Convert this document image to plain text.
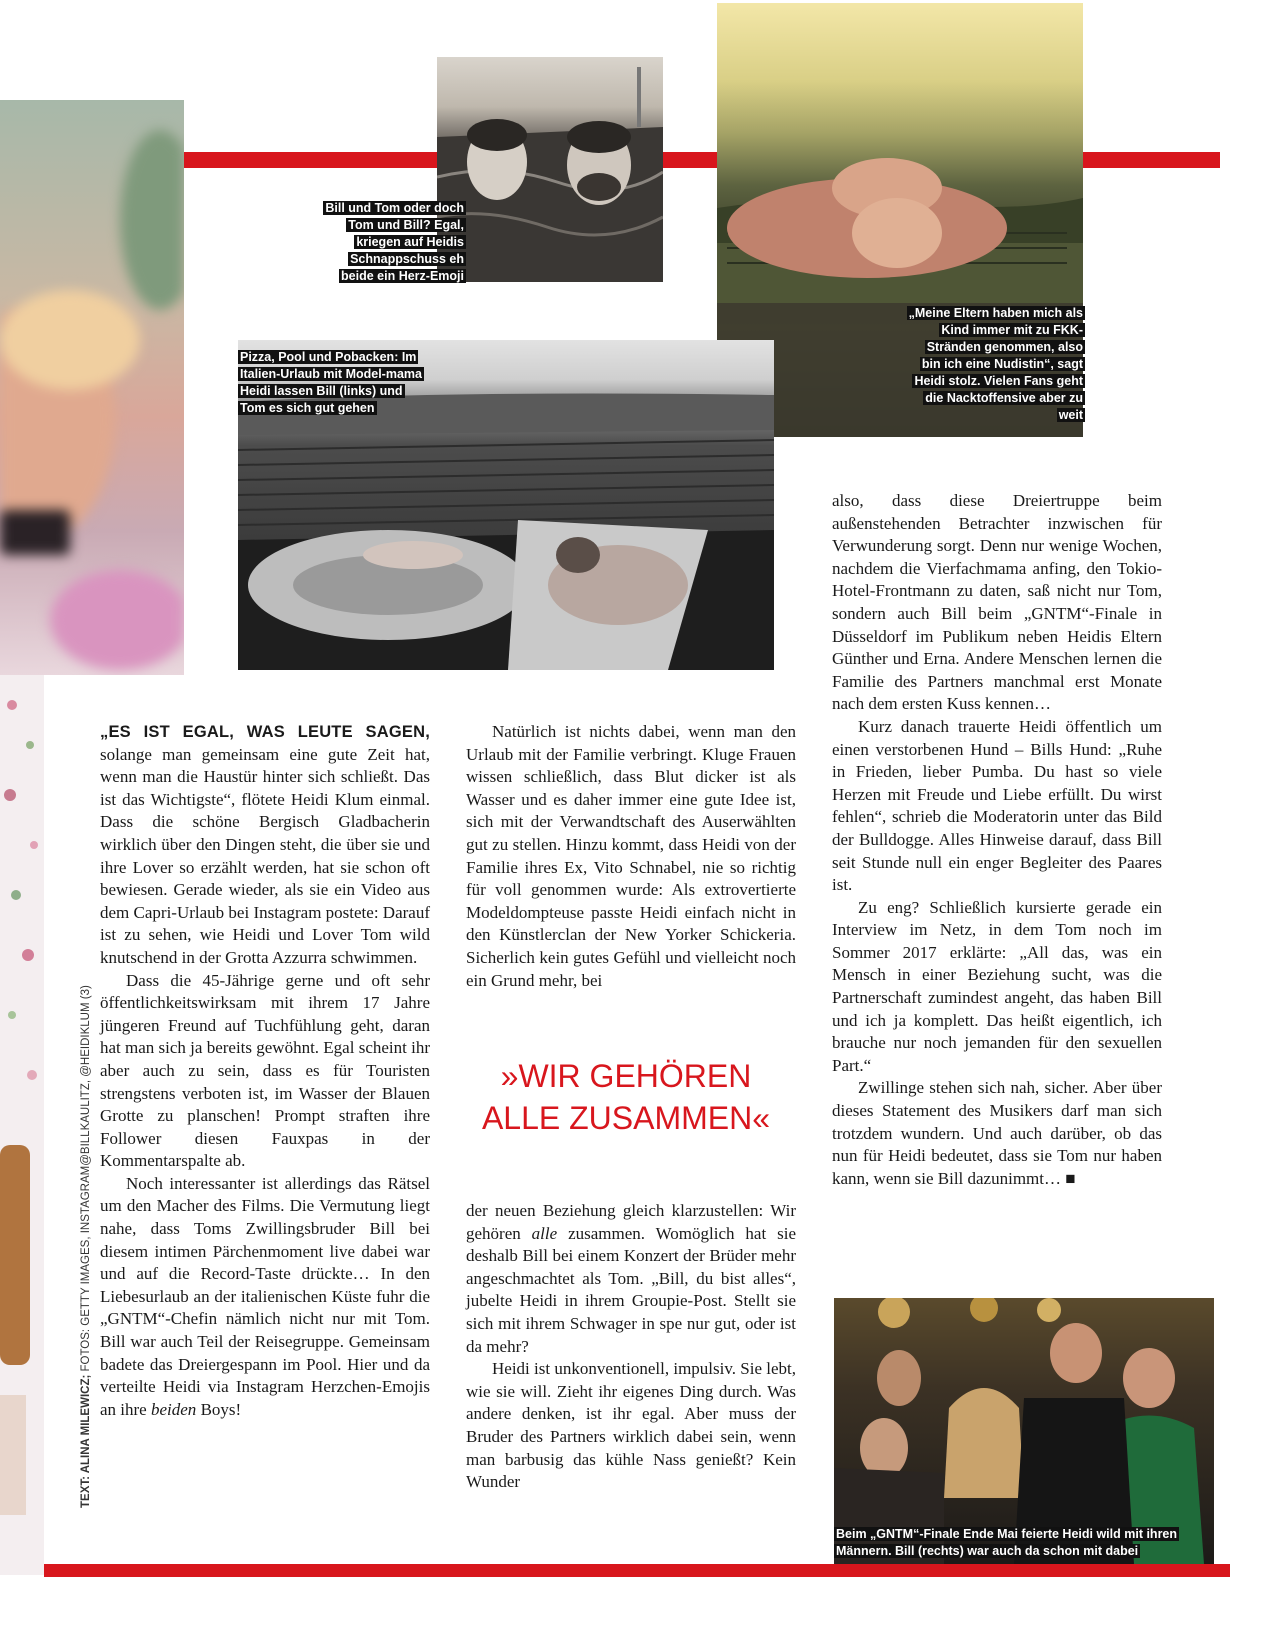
Bill und Tom oder doch Tom und Bill? Egal, kriegen auf Heidis Schnappschuss eh beide ein Herz-Emoji
„Meine Eltern haben mich als Kind immer mit zu FKK-Stränden genommen, also bin ich eine Nudistin“, sagt Heidi stolz. Vielen Fans geht die Nacktoffensive aber zu weit
Pizza, Pool und Pobacken: Im Italien-Urlaub mit Model-mama Heidi lassen Bill (links) und Tom es sich gut gehen
»WIR GEHÖREN
ALLE ZUSAMMEN«
TEXT: ALINA MILEWICZ; FOTOS: GETTY IMAGES, INSTAGRAM@BILLKAULITZ, @HEIDIKLUM (3)

„ES IST EGAL, WAS LEUTE SAGEN, solange man gemeinsam eine gute Zeit hat, wenn man die Haustür hinter sich schließt. Das ist das Wichtigste“, flötete Heidi Klum einmal. Dass die schöne Bergisch Gladbacherin wirklich über den Dingen steht, die über sie und ihre Lover so erzählt werden, hat sie schon oft bewiesen. Gerade wieder, als sie ein Video aus dem Capri-Urlaub bei Instagram postete: Darauf ist zu sehen, wie Heidi und Lover Tom wild knutschend in der Grotta Azzurra schwimmen.

Dass die 45-Jährige gerne und oft sehr öffentlichkeitswirksam mit ihrem 17 Jahre jüngeren Freund auf Tuchfühlung geht, daran hat man sich ja bereits gewöhnt. Egal scheint ihr aber auch zu sein, dass es für Touristen strengstens verboten ist, im Wasser der Blauen Grotte zu planschen! Prompt straften ihre Follower diesen Fauxpas in der Kommentarspalte ab.

Noch interessanter ist allerdings das Rätsel um den Macher des Films. Die Vermutung liegt nahe, dass Toms Zwillingsbruder Bill bei diesem intimen Pärchenmoment live dabei war und auf die Record-Taste drückte… In den Liebesurlaub an der italienischen Küste fuhr die „GNTM“-Chefin nämlich nicht nur mit Tom. Bill war auch Teil der Reisegruppe. Gemeinsam badete das Dreiergespann im Pool. Hier und da verteilte Heidi via Instagram Herzchen-Emojis an ihre beiden Boys!

Natürlich ist nichts dabei, wenn man den Urlaub mit der Familie verbringt. Kluge Frauen wissen schließlich, dass Blut dicker ist als Wasser und es daher immer eine gute Idee ist, sich mit der Verwandtschaft des Auserwählten gut zu stellen. Hinzu kommt, dass Heidi von der Familie ihres Ex, Vito Schnabel, nie so richtig für voll genommen wurde: Als extrovertierte Modeldompteuse passte Heidi einfach nicht in den Künstlerclan der New Yorker Schickeria. Sicherlich kein gutes Gefühl und vielleicht noch ein Grund mehr, bei

der neuen Beziehung gleich klarzustellen: Wir gehören alle zusammen. Womöglich hat sie deshalb Bill bei einem Konzert der Brüder mehr angeschmachtet als Tom. „Bill, du bist alles“, jubelte Heidi in ihrem Groupie-Post. Stellt sie sich mit ihrem Schwager in spe nur gut, oder ist da mehr?

Heidi ist unkonventionell, impulsiv. Sie lebt, wie sie will. Zieht ihr eigenes Ding durch. Was andere denken, ist ihr egal. Aber muss der Bruder des Partners wirklich dabei sein, wenn man barbusig das kühle Nass genießt? Kein Wunder

also, dass diese Dreiertruppe beim außenstehenden Betrachter inzwischen für Verwunderung sorgt. Denn nur wenige Wochen, nachdem die Vierfachmama anfing, den Tokio-Hotel-Frontmann zu daten, saß nicht nur Tom, sondern auch Bill beim „GNTM“-Finale in Düsseldorf im Publikum neben Heidis Eltern Günther und Erna. Andere Menschen lernen die Familie des Partners manchmal erst Monate nach dem ersten Kuss kennen…

Kurz danach trauerte Heidi öffentlich um einen verstorbenen Hund – Bills Hund: „Ruhe in Frieden, lieber Pumba. Du hast so viele Herzen mit Freude und Liebe erfüllt. Du wirst fehlen“, schrieb die Moderatorin unter das Bild der Bulldogge. Alles Hinweise darauf, dass Bill seit Stunde null ein enger Begleiter des Paares ist.

Zu eng? Schließlich kursierte gerade ein Interview im Netz, in dem Tom noch im Sommer 2017 erklärte: „All das, was ein Mensch in einer Beziehung sucht, was die Partnerschaft zumindest angeht, das haben Bill und ich ja komplett. Das heißt eigentlich, ich brauche nur noch jemanden für den sexuellen Part.“

Zwillinge stehen sich nah, sicher. Aber über dieses Statement des Musikers darf man sich trotzdem wundern. Und auch darüber, ob das nun für Heidi bedeutet, dass sie Tom nur haben kann, wenn sie Bill dazunimmt… ■

Beim „GNTM“-Finale Ende Mai feierte Heidi wild mit ihren Männern. Bill (rechts) war auch da schon mit dabei
